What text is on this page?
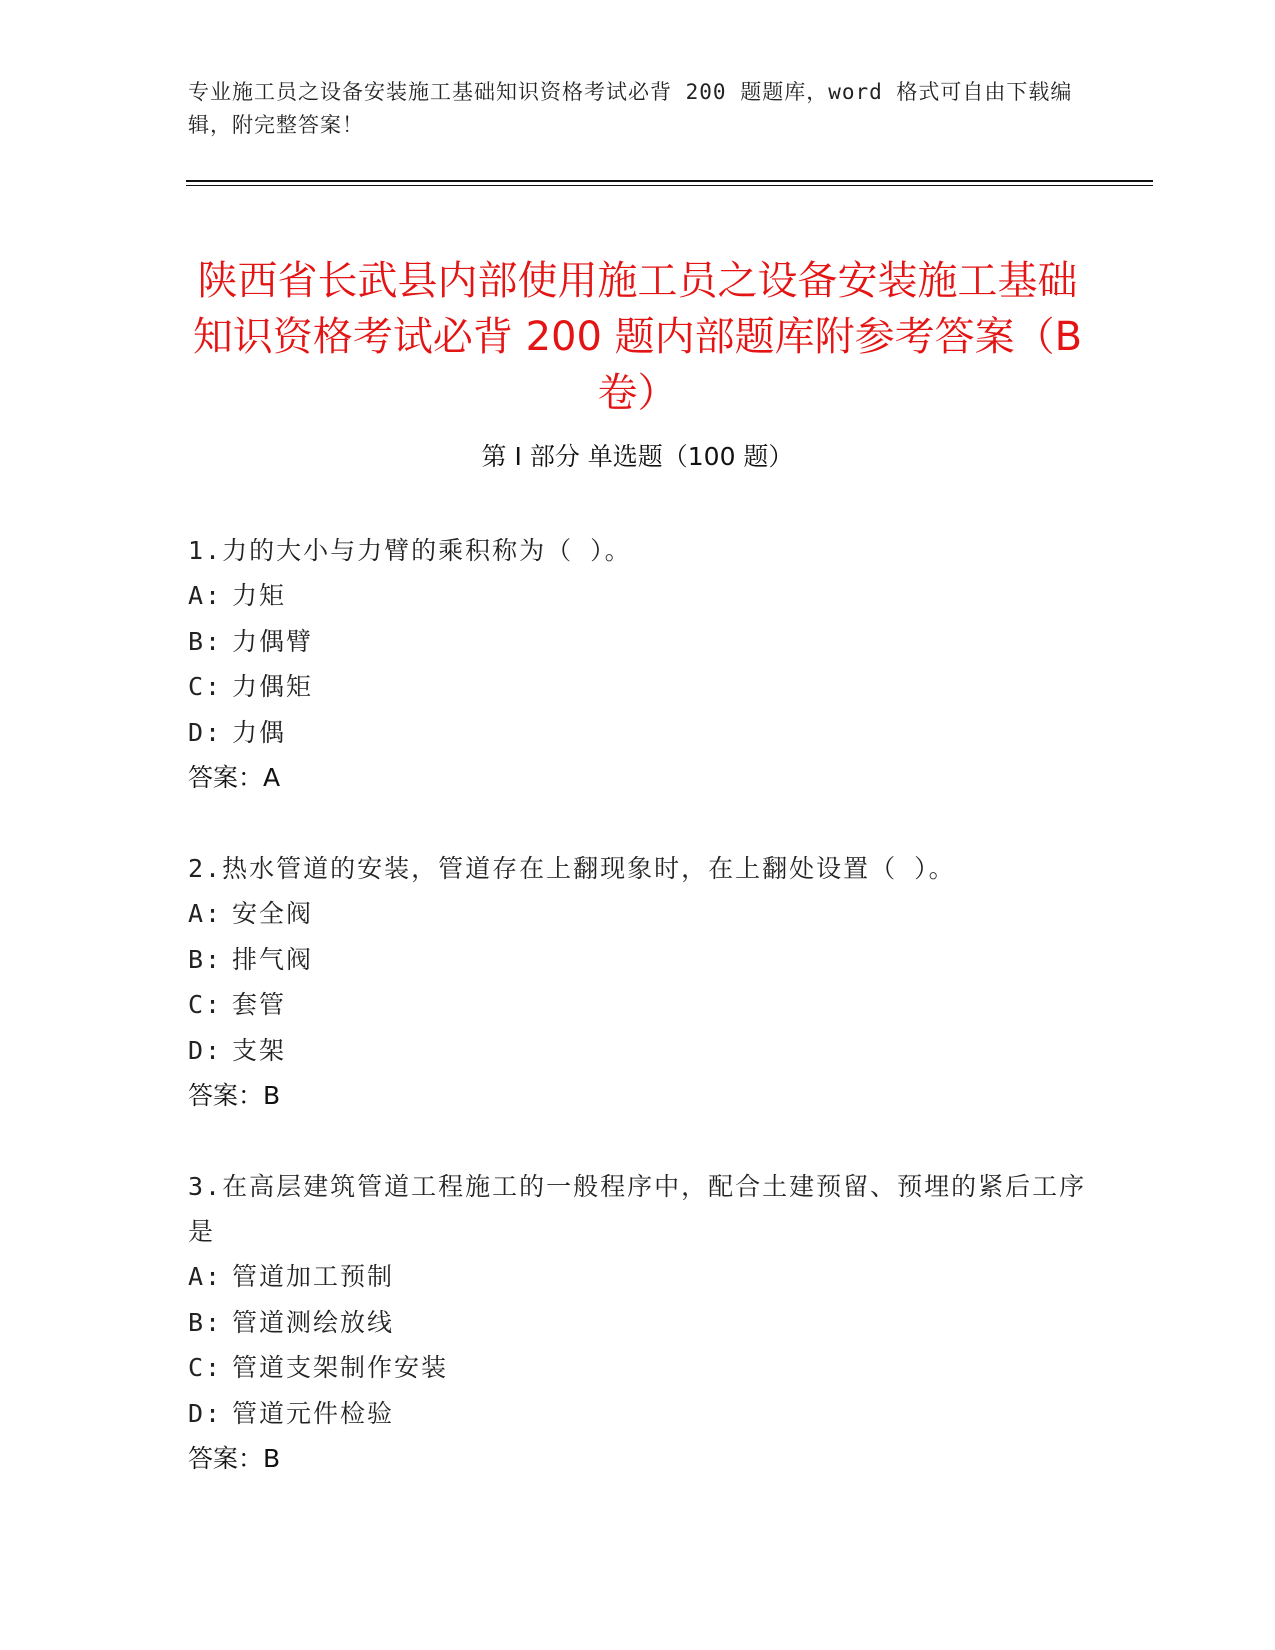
专业施工员之设备安装施工基础知识资格考试必背 200 题题库，word 格式可自由下载编辑，附完整答案！
陕西省长武县内部使用施工员之设备安装施工基础知识资格考试必背 200 题内部题库附参考答案（B 卷）
第 I 部分 单选题（100 题）

1.力的大小与力臂的乘积称为（ ）。

A: 力矩

B: 力偶臂

C: 力偶矩

D: 力偶

答案：A

2.热水管道的安装，管道存在上翻现象时，在上翻处设置（ ）。

A: 安全阀

B: 排气阀

C: 套管

D: 支架

答案：B

3.在高层建筑管道工程施工的一般程序中，配合土建预留、预埋的紧后工序是

A: 管道加工预制

B: 管道测绘放线

C: 管道支架制作安装

D: 管道元件检验

答案：B
